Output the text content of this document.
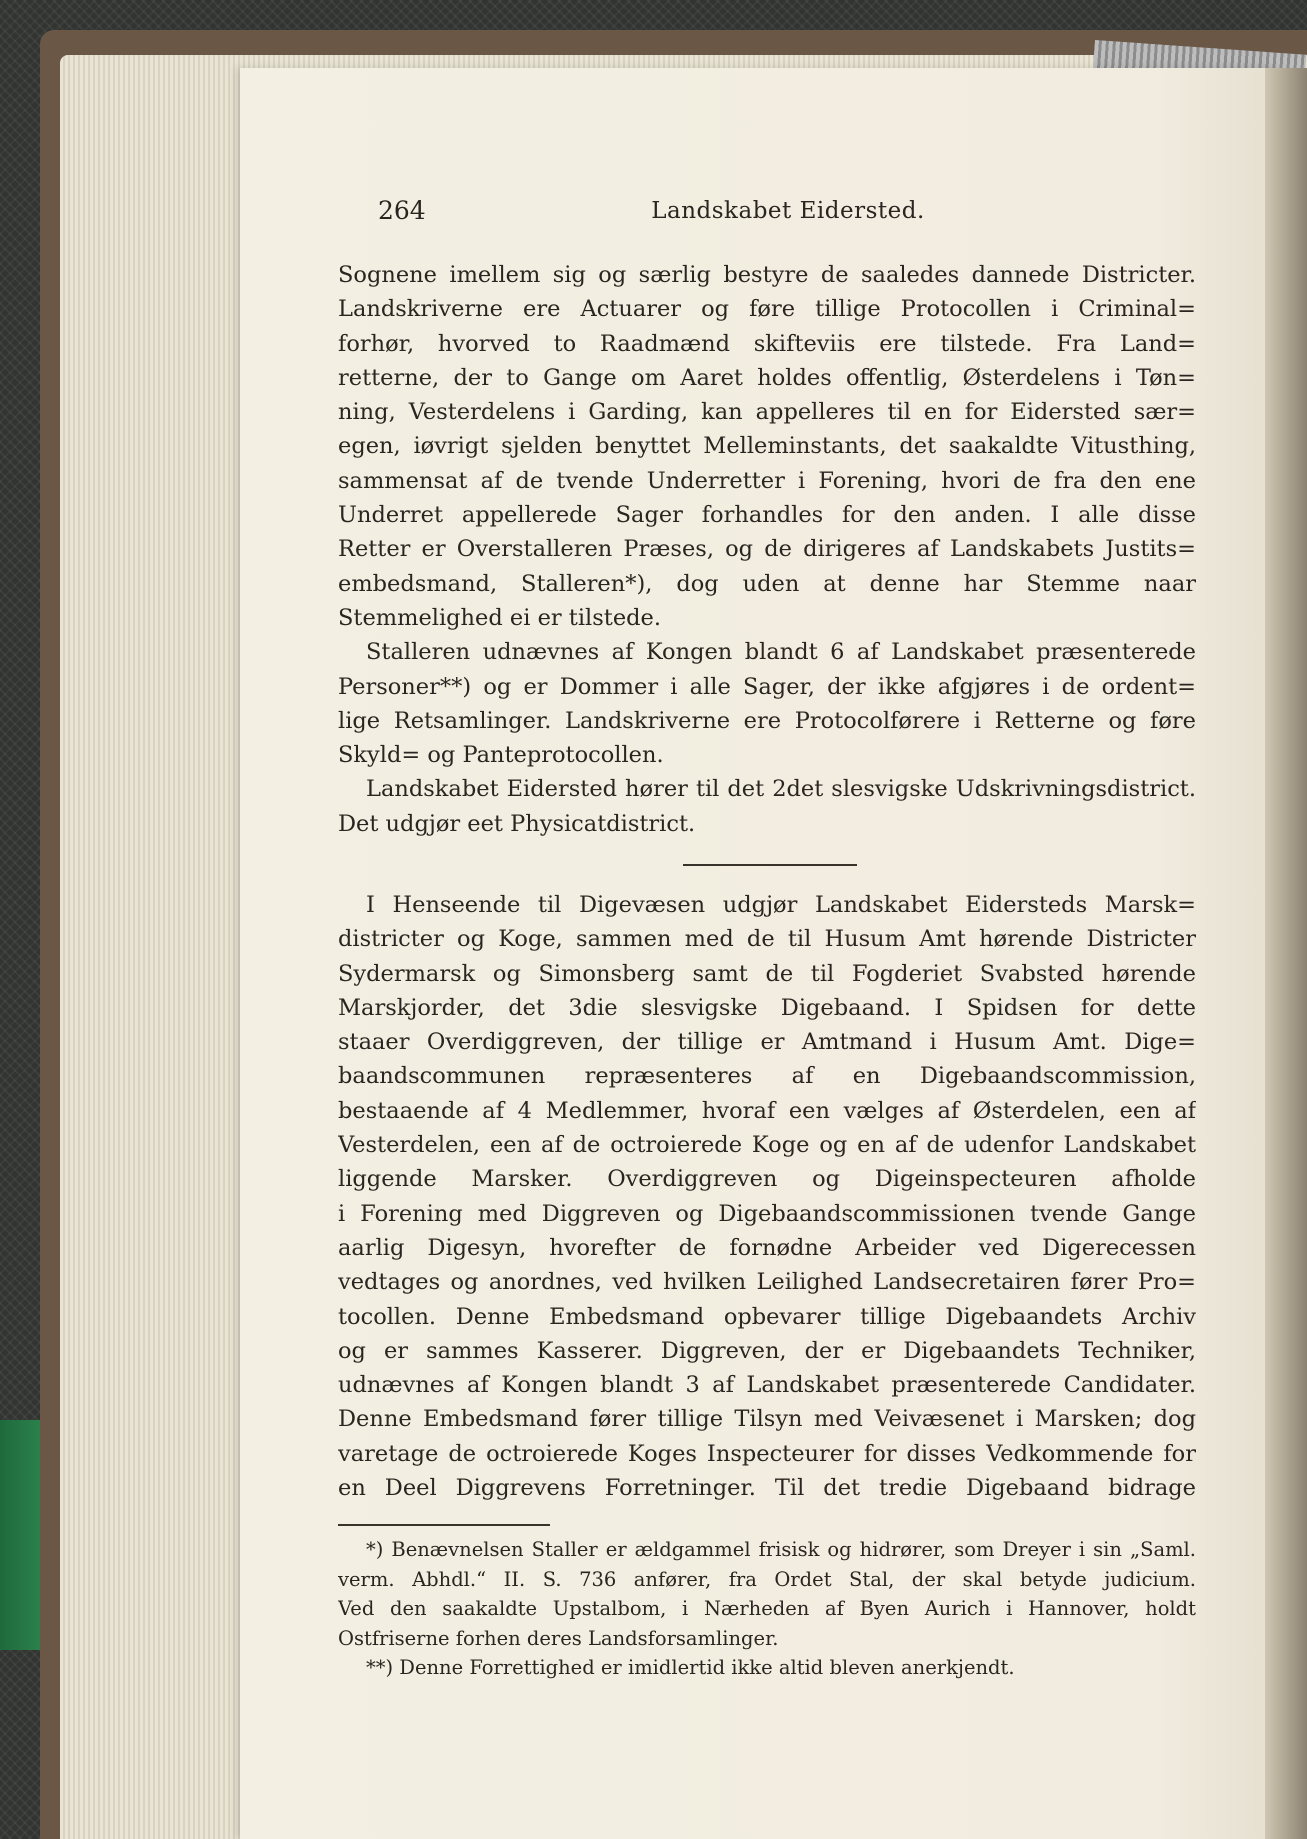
264	Landskabet Eidersted.
Sognene imellem sig og særlig bestyre de saaledes dannede Districter.
Landskriverne ere Actuarer og føre tillige Protocollen i Criminal=
forhør, hvorved to Raadmænd skifteviis ere tilstede. Fra Land=
retterne, der to Gange om Aaret holdes offentlig, Østerdelens i Tøn=
ning, Vesterdelens i Garding, kan appelleres til en for Eidersted sær=
egen, iøvrigt sjelden benyttet Melleminstants, det saakaldte Vitusthing,
sammensat af de tvende Underretter i Forening, hvori de fra den ene
Underret appellerede Sager forhandles for den anden. I alle disse
Retter er Overstalleren Præses, og de dirigeres af Landskabets Justits=
embedsmand, Stalleren*), dog uden at denne har Stemme naar
Stemmelighed ei er tilstede.
Stalleren udnævnes af Kongen blandt 6 af Landskabet præsenterede
Personer**) og er Dommer i alle Sager, der ikke afgjøres i de ordent=
lige Retsamlinger. Landskriverne ere Protocolførere i Retterne og føre
Skyld= og Panteprotocollen.
Landskabet Eidersted hører til det 2det slesvigske Udskrivningsdistrict.
Det udgjør eet Physicatdistrict.
I Henseende til Digevæsen udgjør Landskabet Eidersteds Marsk=
districter og Koge, sammen med de til Husum Amt hørende Districter
Sydermarsk og Simonsberg samt de til Fogderiet Svabsted hørende
Marskjorder, det 3die slesvigske Digebaand. I Spidsen for dette
staaer Overdiggreven, der tillige er Amtmand i Husum Amt. Dige=
baandscommunen repræsenteres af en Digebaandscommission,
bestaaende af 4 Medlemmer, hvoraf een vælges af Østerdelen, een af
Vesterdelen, een af de octroierede Koge og en af de udenfor Landskabet
liggende Marsker. Overdiggreven og Digeinspecteuren afholde
i Forening med Diggreven og Digebaandscommissionen tvende Gange
aarlig Digesyn, hvorefter de fornødne Arbeider ved Digerecessen
vedtages og anordnes, ved hvilken Leilighed Landsecretairen fører Pro=
tocollen. Denne Embedsmand opbevarer tillige Digebaandets Archiv
og er sammes Kasserer. Diggreven, der er Digebaandets Techniker,
udnævnes af Kongen blandt 3 af Landskabet præsenterede Candidater.
Denne Embedsmand fører tillige Tilsyn med Veivæsenet i Marsken; dog
varetage de octroierede Koges Inspecteurer for disses Vedkommende for
en Deel Diggrevens Forretninger. Til det tredie Digebaand bidrage
*) Benævnelsen Staller er ældgammel frisisk og hidrører, som Dreyer i sin „Saml.
verm. Abhdl.“ II. S. 736 anfører, fra Ordet Stal, der skal betyde judicium.
Ved den saakaldte Upstalbom, i Nærheden af Byen Aurich i Hannover, holdt
Ostfriserne forhen deres Landsforsamlinger.
**) Denne Forrettighed er imidlertid ikke altid bleven anerkjendt.
